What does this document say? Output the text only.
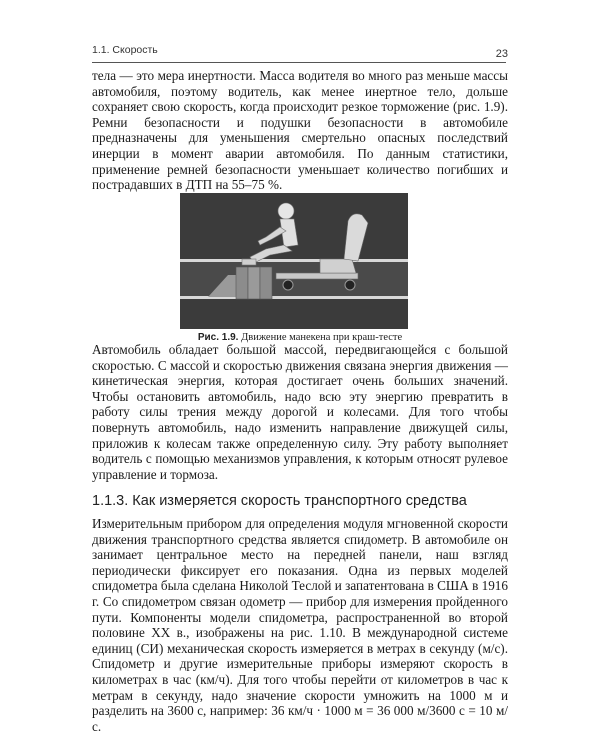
1.1. Скорость	23

тела — это мера инертности. Масса водителя во много раз меньше массы автомобиля, поэтому водитель, как менее инертное тело, дольше сохраняет свою скорость, когда происходит резкое торможение (рис. 1.9). Ремни безопасности и подушки безопасности в автомобиле предназначены для уменьшения смертельно опасных последствий инерции в момент аварии автомобиля. По данным статистики, применение ремней безопасности уменьшает количество погибших и пострадавших в ДТП на 55–75 %.

Рис. 1.9. Движение манекена при краш-тесте

Автомобиль обладает большой массой, передвигающейся с большой скоростью. С массой и скоростью движения связана энергия движения — кинетическая энергия, которая достигает очень больших значений. Чтобы остановить автомобиль, надо всю эту энергию превратить в работу силы трения между дорогой и колесами. Для того чтобы повернуть автомобиль, надо изменить направление движущей силы, приложив к колесам также определенную силу. Эту работу выполняет водитель с помощью механизмов управления, к которым относят рулевое управление и тормоза.

1.1.3. Как измеряется скорость транспортного средства

Измерительным прибором для определения модуля мгновенной скорости движения транспортного средства является спидометр. В автомобиле он занимает центральное место на передней панели, наш взгляд периодически фиксирует его показания. Одна из первых моделей спидометра была сделана Николой Теслой и запатентована в США в 1916 г. Со спидометром связан одометр — прибор для измерения пройденного пути. Компоненты модели спидометра, распространенной во второй половине XX в., изображены на рис. 1.10. В международной системе единиц (СИ) механическая скорость измеряется в метрах в секунду (м/с). Спидометр и другие измерительные приборы измеряют скорость в километрах в час (км/ч). Для того чтобы перейти от километров в час к метрам в секунду, надо значение скорости умножить на 1000 м и разделить на 3600 с, например: 36 км/ч · 1000 м = 36 000 м/3600 с = 10 м/с.
